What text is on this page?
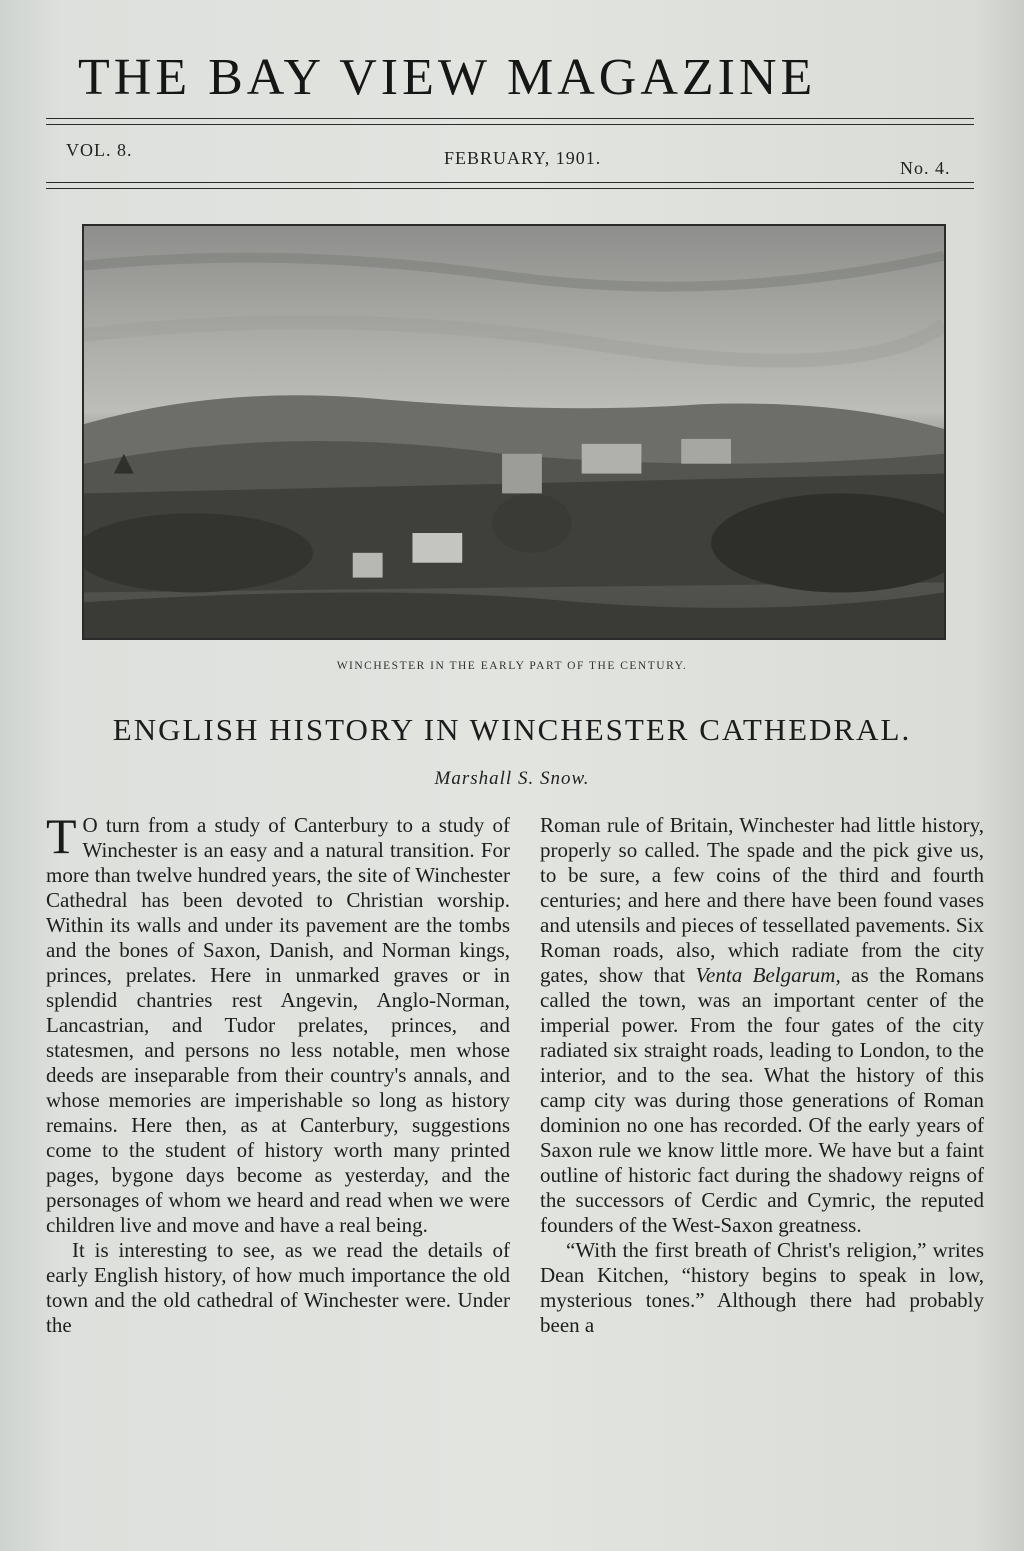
THE BAY VIEW MAGAZINE
VOL. 8.	FEBRUARY, 1901.	No. 4.
WINCHESTER IN THE EARLY PART OF THE CENTURY.
ENGLISH HISTORY IN WINCHESTER CATHEDRAL.
Marshall S. Snow.

T O turn from a study of Canterbury to a study of Winchester is an easy and a natural transition. For more than twelve hundred years, the site of Winchester Cathedral has been devoted to Christian worship. Within its walls and under its pavement are the tombs and the bones of Saxon, Danish, and Norman kings, princes, prelates. Here in unmarked graves or in splendid chantries rest Angevin, Anglo-Norman, Lancastrian, and Tudor prelates, princes, and statesmen, and persons no less notable, men whose deeds are inseparable from their country's annals, and whose memories are imperishable so long as history remains. Here then, as at Canterbury, suggestions come to the student of history worth many printed pages, bygone days become as yesterday, and the personages of whom we heard and read when we were children live and move and have a real being.

It is interesting to see, as we read the details of early English history, of how much importance the old town and the old cathedral of Winchester were. Under the

Roman rule of Britain, Winchester had little history, properly so called. The spade and the pick give us, to be sure, a few coins of the third and fourth centuries; and here and there have been found vases and utensils and pieces of tessellated pavements. Six Roman roads, also, which radiate from the city gates, show that Venta Belgarum, as the Romans called the town, was an important center of the imperial power. From the four gates of the city radiated six straight roads, leading to London, to the interior, and to the sea. What the history of this camp city was during those generations of Roman dominion no one has recorded. Of the early years of Saxon rule we know little more. We have but a faint outline of historic fact during the shadowy reigns of the successors of Cerdic and Cymric, the reputed founders of the West-Saxon greatness.

“With the first breath of Christ's religion,” writes Dean Kitchen, “history begins to speak in low, mysterious tones.” Although there had probably been a
